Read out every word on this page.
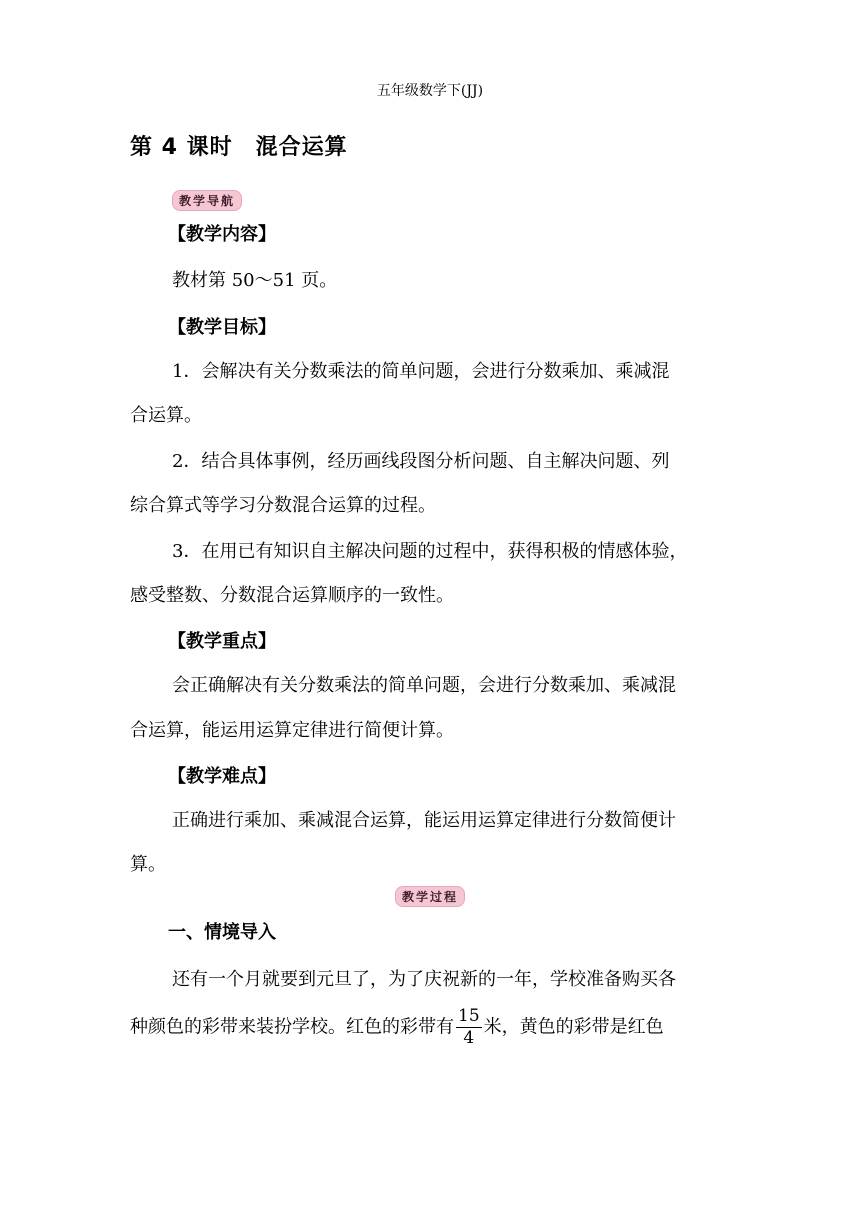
五年级数学下(JJ)
第 4 课时　混合运算
教学导航
【教学内容】
教材第 50～51 页。
【教学目标】
1．会解决有关分数乘法的简单问题，会进行分数乘加、乘减混
合运算。
2．结合具体事例，经历画线段图分析问题、自主解决问题、列
综合算式等学习分数混合运算的过程。
3．在用已有知识自主解决问题的过程中，获得积极的情感体验，
感受整数、分数混合运算顺序的一致性。
【教学重点】
会正确解决有关分数乘法的简单问题，会进行分数乘加、乘减混
合运算，能运用运算定律进行简便计算。
【教学难点】
正确进行乘加、乘减混合运算，能运用运算定律进行分数简便计
算。
教学过程
一、情境导入
还有一个月就要到元旦了，为了庆祝新的一年，学校准备购买各
种颜色的彩带来装扮学校。红色的彩带有 $\frac{15}{4}$ 米，黄色的彩带是红色
